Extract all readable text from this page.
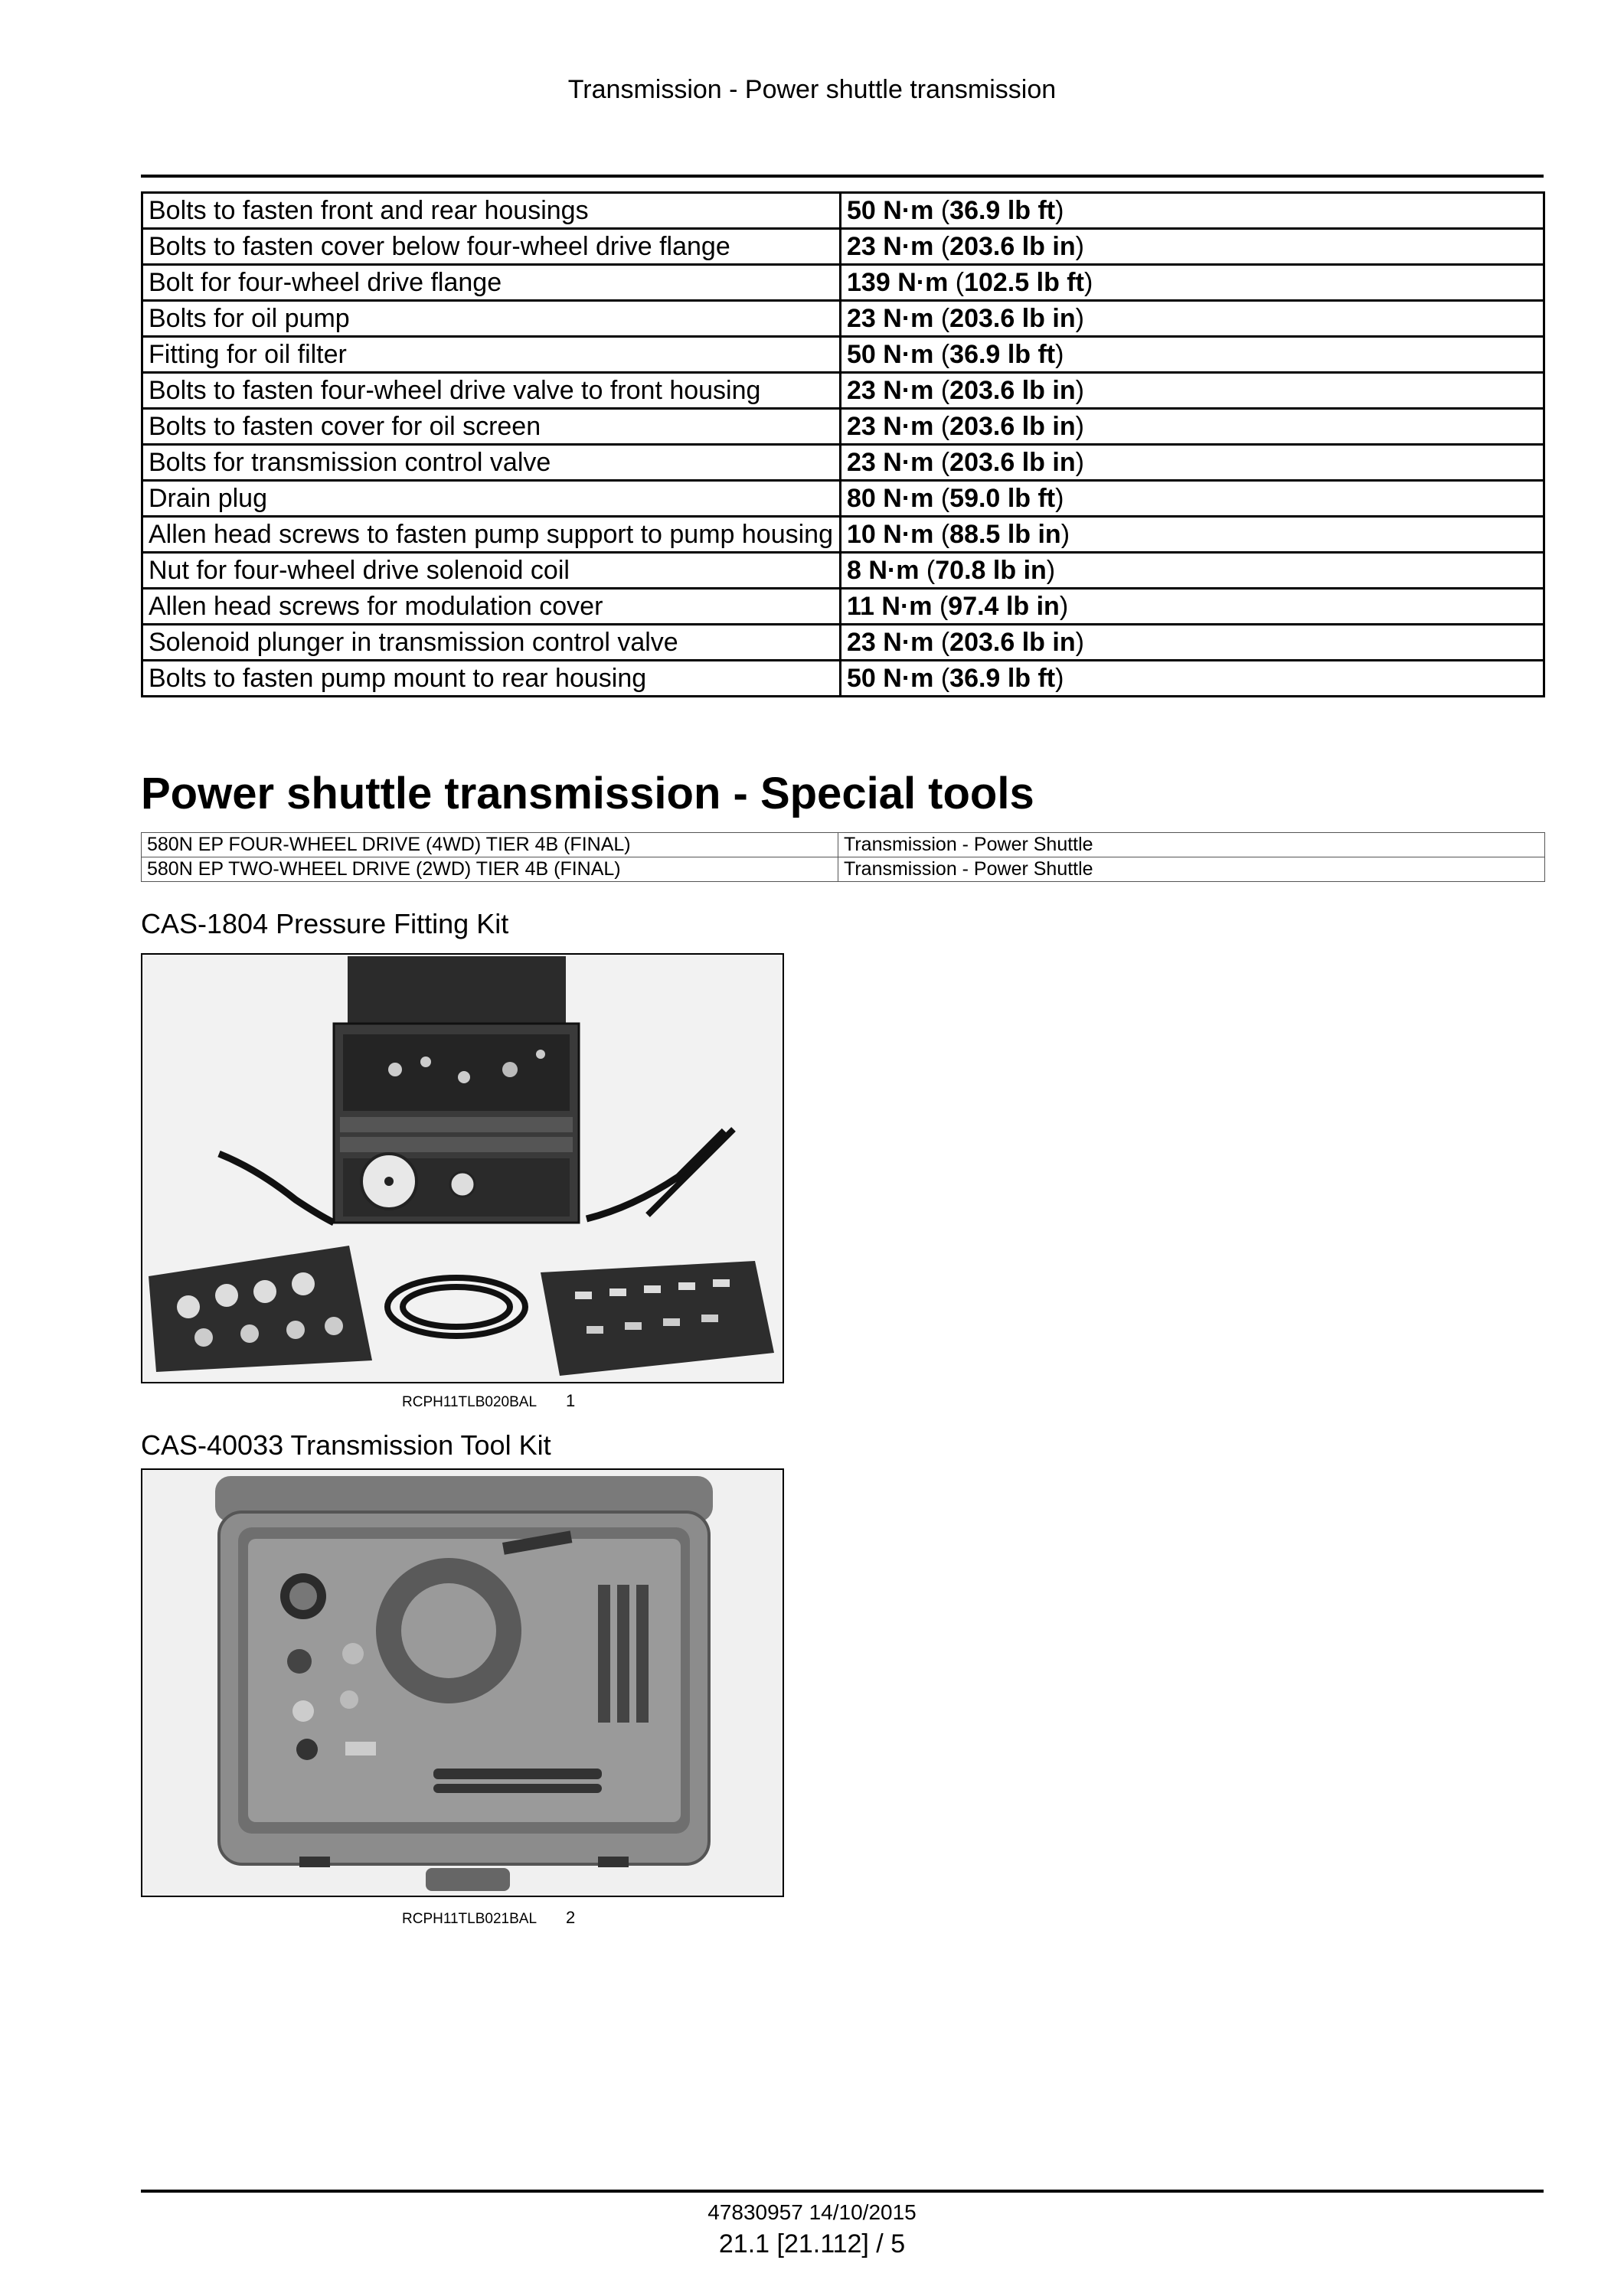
Transmission - Power shuttle transmission
Bolts to fasten front and rear housings	50 N·m (36.9 lb ft)
Bolts to fasten cover below four-wheel drive flange	23 N·m (203.6 lb in)
Bolt for four-wheel drive flange	139 N·m (102.5 lb ft)
Bolts for oil pump	23 N·m (203.6 lb in)
Fitting for oil filter	50 N·m (36.9 lb ft)
Bolts to fasten four-wheel drive valve to front housing	23 N·m (203.6 lb in)
Bolts to fasten cover for oil screen	23 N·m (203.6 lb in)
Bolts for transmission control valve	23 N·m (203.6 lb in)
Drain plug	80 N·m (59.0 lb ft)
Allen head screws to fasten pump support to pump housing	10 N·m (88.5 lb in)
Nut for four-wheel drive solenoid coil	8 N·m (70.8 lb in)
Allen head screws for modulation cover	11 N·m (97.4 lb in)
Solenoid plunger in transmission control valve	23 N·m (203.6 lb in)
Bolts to fasten pump mount to rear housing	50 N·m (36.9 lb ft)
Power shuttle transmission - Special tools
580N EP FOUR-WHEEL DRIVE (4WD) TIER 4B (FINAL)	Transmission - Power Shuttle
580N EP TWO-WHEEL DRIVE (2WD) TIER 4B (FINAL)	Transmission - Power Shuttle
CAS-1804 Pressure Fitting Kit
RCPH11TLB020BAL 1
CAS-40033 Transmission Tool Kit
RCPH11TLB021BAL 2
47830957 14/10/2015
21.1 [21.112] / 5
